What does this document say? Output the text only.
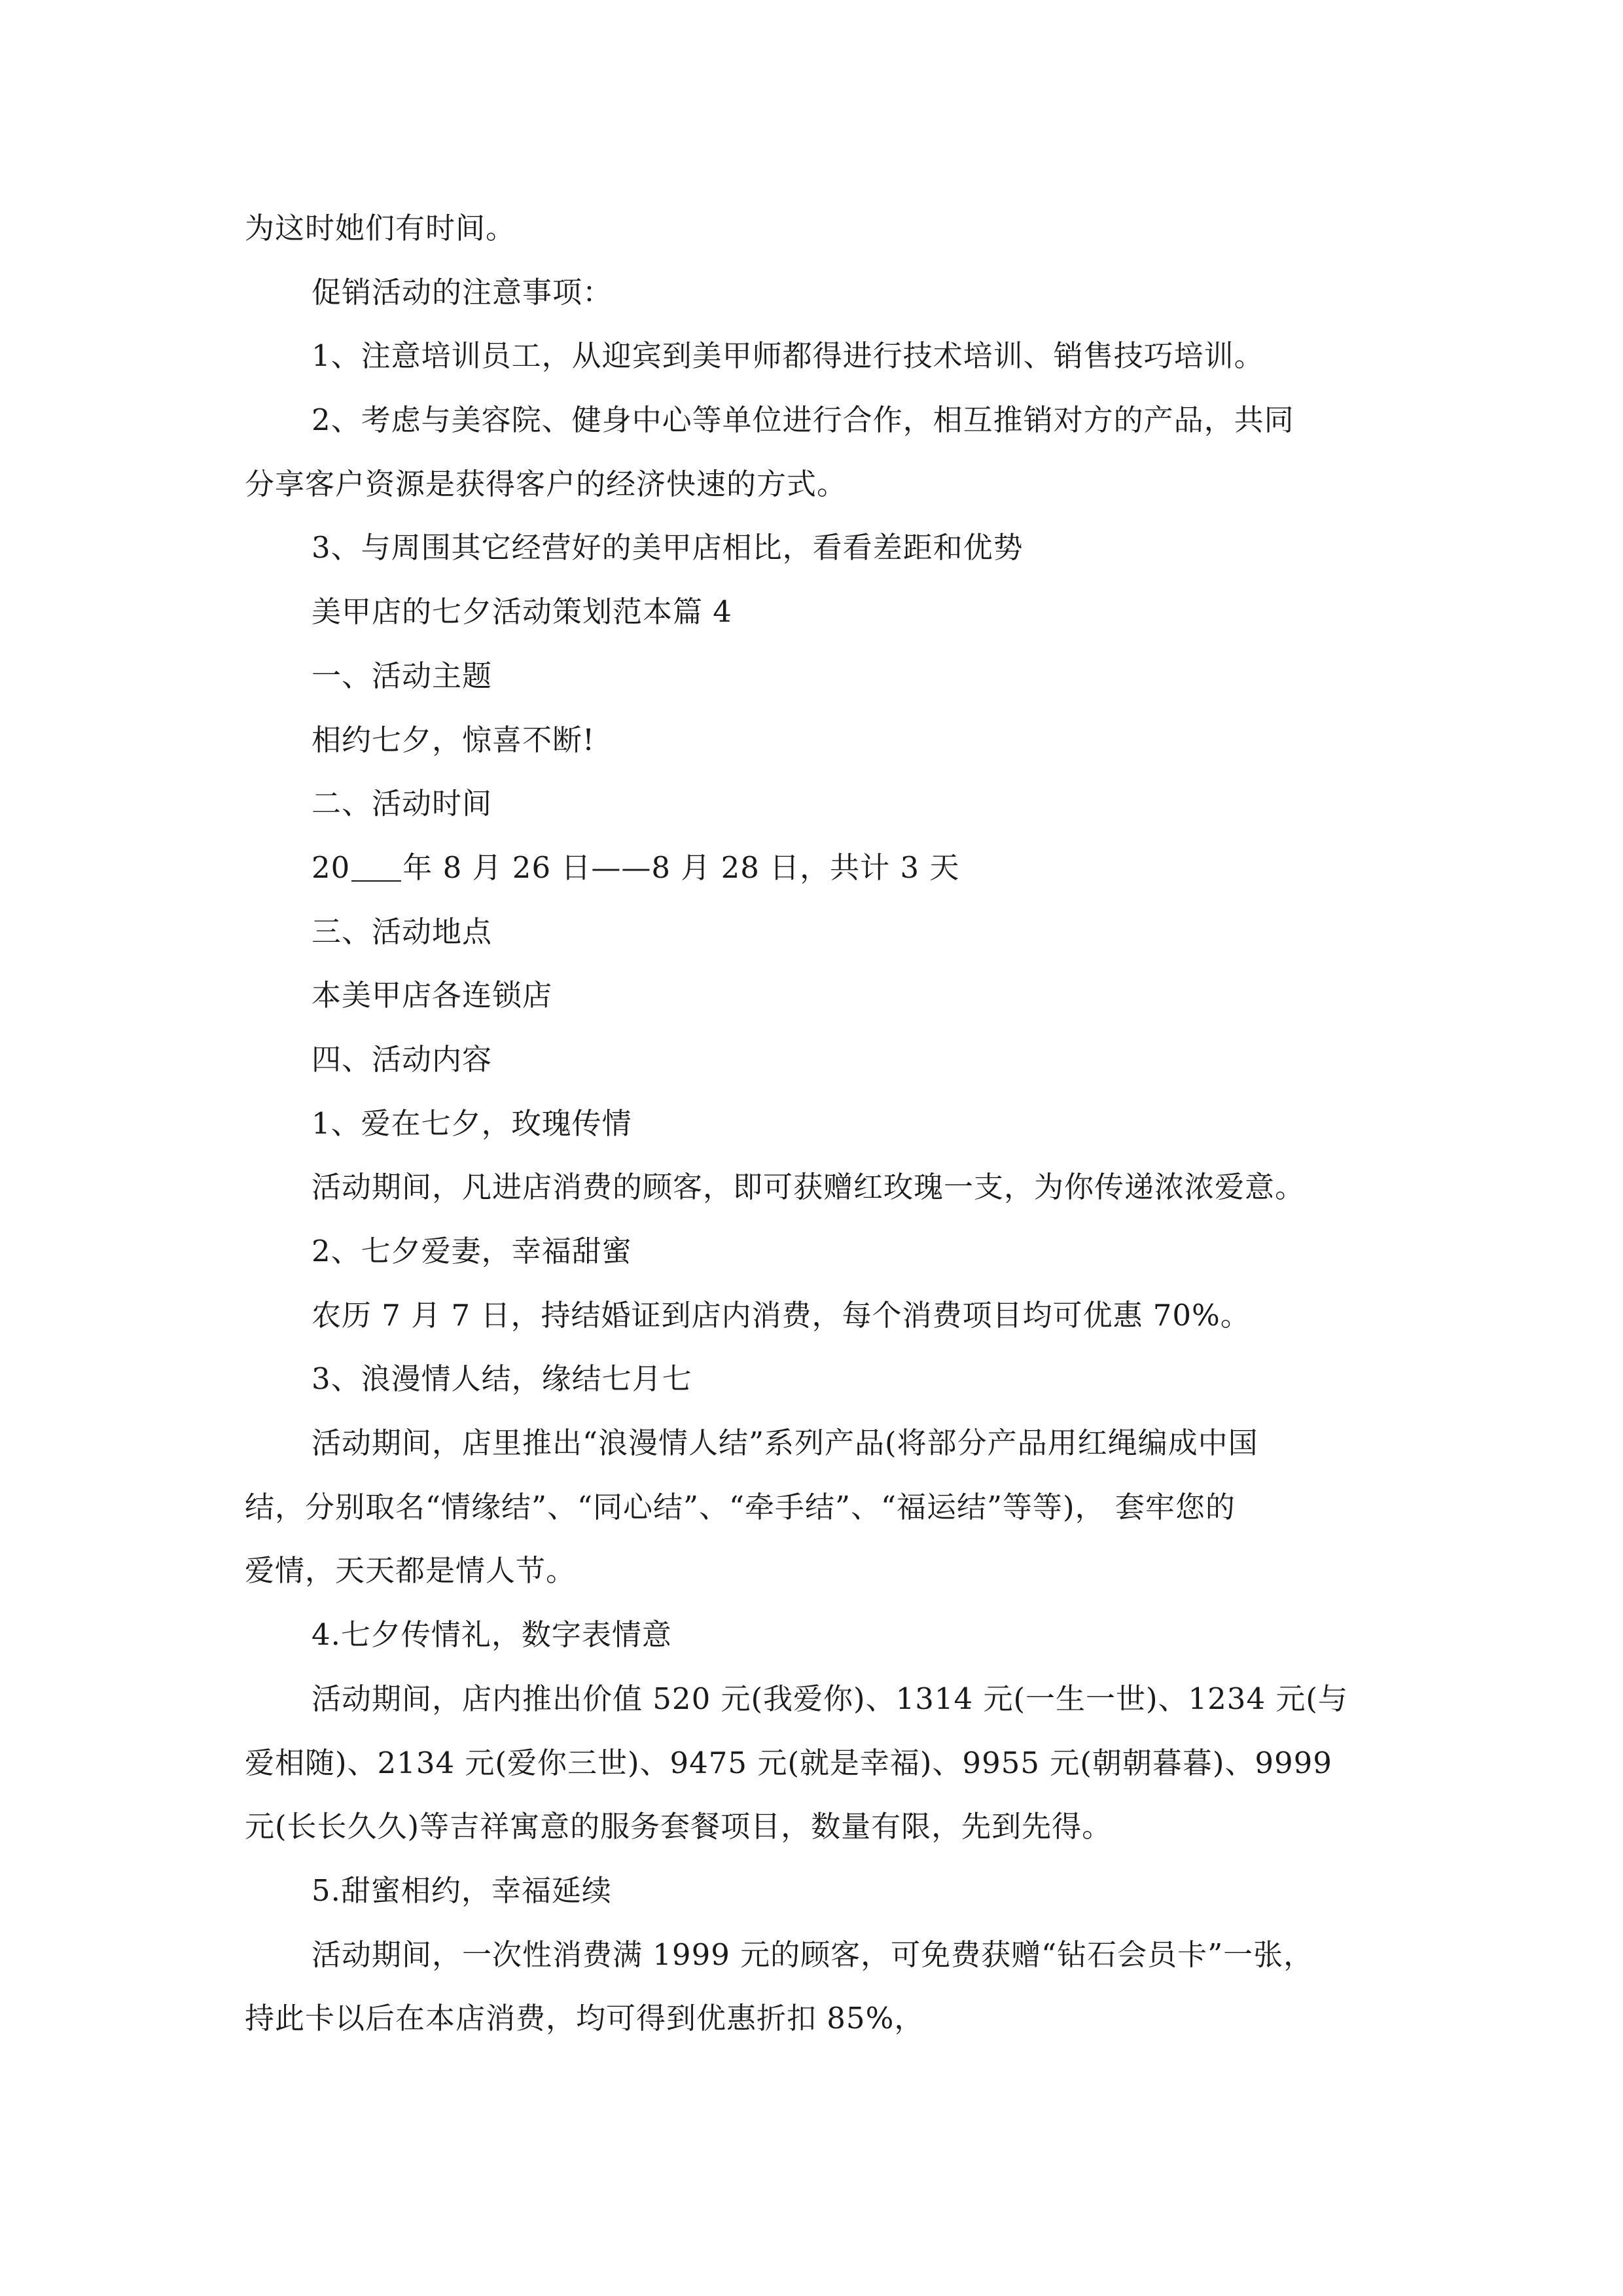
为这时她们有时间。
促销活动的注意事项：
1、注意培训员工，从迎宾到美甲师都得进行技术培训、销售技巧培训。
2、考虑与美容院、健身中心等单位进行合作，相互推销对方的产品，共同
分享客户资源是获得客户的经济快速的方式。
3、与周围其它经营好的美甲店相比，看看差距和优势
美甲店的七夕活动策划范本篇 4
一、活动主题
相约七夕，惊喜不断!
二、活动时间
20 年 8 月 26 日——8 月 28 日，共计 3 天
三、活动地点
本美甲店各连锁店
四、活动内容
1、爱在七夕，玫瑰传情
活动期间，凡进店消费的顾客，即可获赠红玫瑰一支，为你传递浓浓爱意。
2、七夕爱妻，幸福甜蜜
农历 7 月 7 日，持结婚证到店内消费，每个消费项目均可优惠 70%。
3、浪漫情人结，缘结七月七
活动期间，店里推出“浪漫情人结”系列产品(将部分产品用红绳编成中国
结，分别取名“情缘结”、“同心结”、“牵手结”、“福运结”等等)， 套牢您的
爱情，天天都是情人节。
4.七夕传情礼，数字表情意
活动期间，店内推出价值 520 元(我爱你)、1314 元(一生一世)、1234 元(与
爱相随)、2134 元(爱你三世)、9475 元(就是幸福)、9955 元(朝朝暮暮)、9999
元(长长久久)等吉祥寓意的服务套餐项目，数量有限，先到先得。
5.甜蜜相约，幸福延续
活动期间，一次性消费满 1999 元的顾客，可免费获赠“钻石会员卡”一张，
持此卡以后在本店消费，均可得到优惠折扣 85%，
